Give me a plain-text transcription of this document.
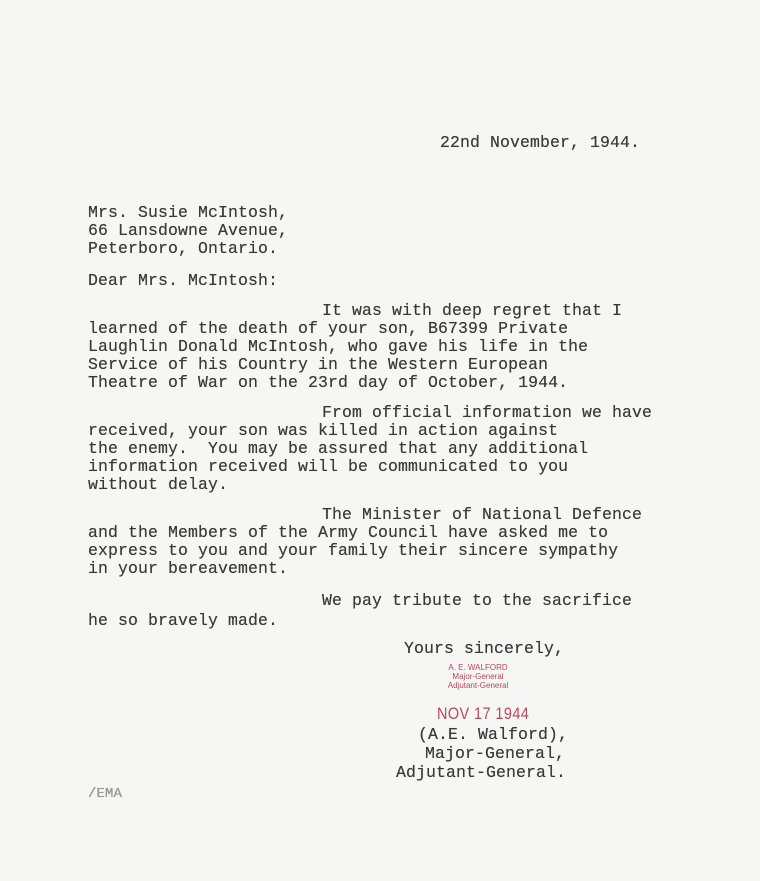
22nd November, 1944.
Mrs. Susie McIntosh,
66 Lansdowne Avenue,
Peterboro, Ontario.
Dear Mrs. McIntosh:
It was with deep regret that I
learned of the death of your son, B67399 Private
Laughlin Donald McIntosh, who gave his life in the
Service of his Country in the Western European
Theatre of War on the 23rd day of October, 1944.
From official information we have
received, your son was killed in action against
the enemy.  You may be assured that any additional
information received will be communicated to you
without delay.
The Minister of National Defence
and the Members of the Army Council have asked me to
express to you and your family their sincere sympathy
in your bereavement.
We pay tribute to the sacrifice
he so bravely made.
Yours sincerely,
A. E. WALFORD
Major-General
Adjutant-General
NOV 17 1944
(A.E. Walford),
Major-General,
Adjutant-General.
/EMA
